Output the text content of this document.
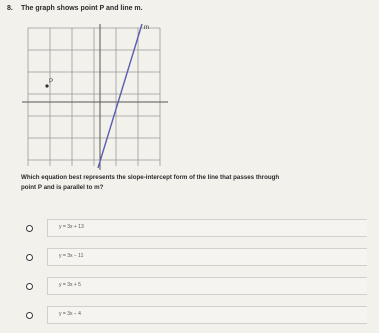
8. The graph shows point P and line m.
P
m
Which equation best represents the slope-intercept form of the line that passes through
point P and is parallel to m?
y = 3x + 13
y = 3x − 11
y = 3x + 5
y = 3x − 4
